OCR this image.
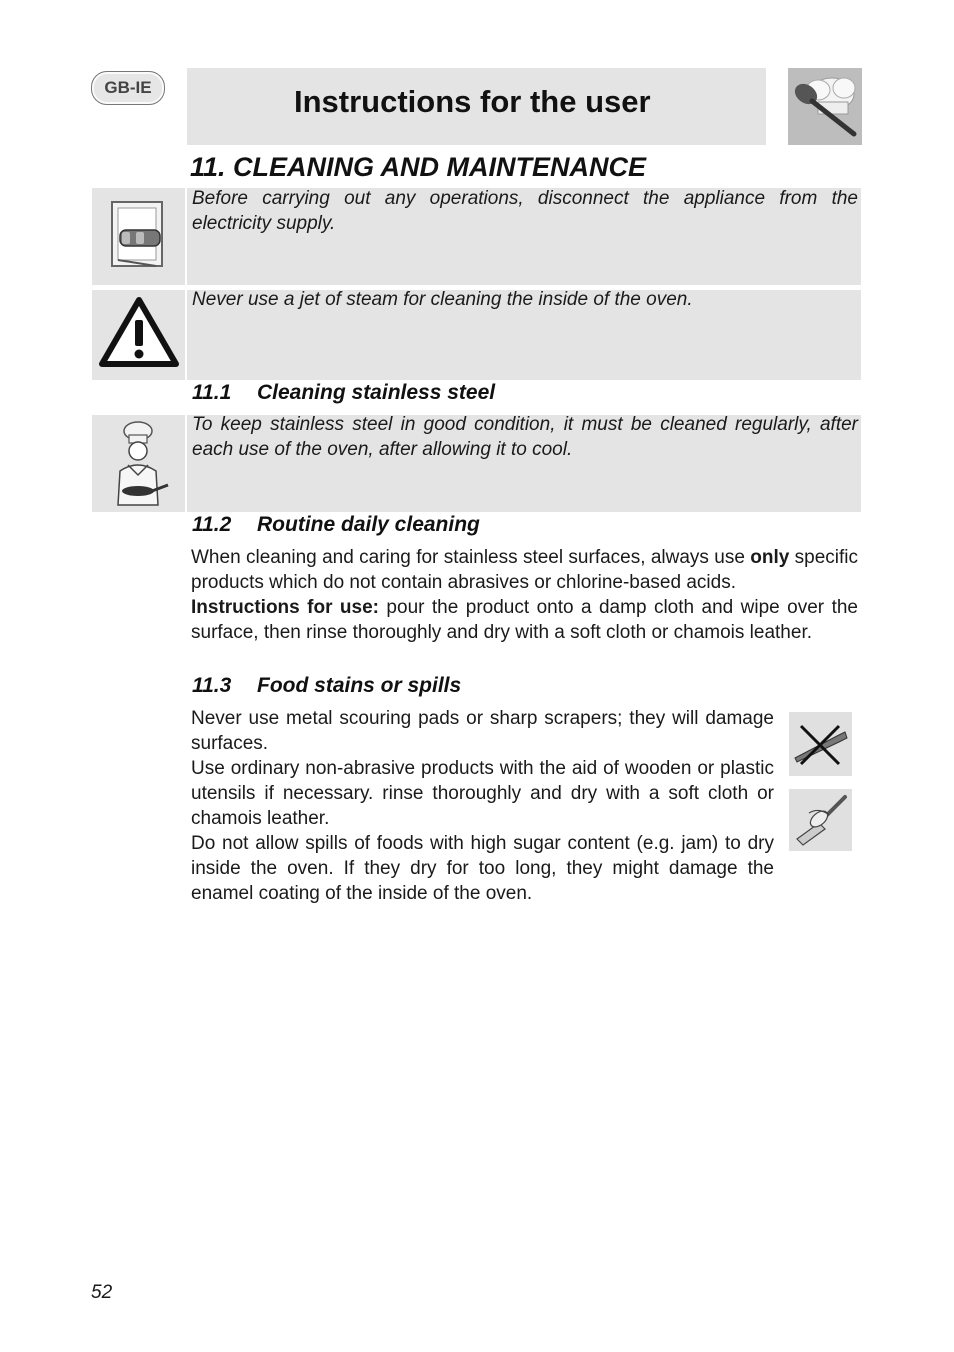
GB-IE	Instructions for the user
11. CLEANING AND MAINTENANCE
Before carrying out any operations, disconnect the appliance from the electricity supply.
Never use a jet of steam for cleaning the inside of the oven.
11.1 Cleaning stainless steel
To keep stainless steel in good condition, it must be cleaned regularly, after each use of the oven, after allowing it to cool.
11.2 Routine daily cleaning
When cleaning and caring for stainless steel surfaces, always use only specific products which do not contain abrasives or chlorine-based acids.
Instructions for use: pour the product onto a damp cloth and wipe over the surface, then rinse thoroughly and dry with a soft cloth or chamois leather.
11.3 Food stains or spills
Never use metal scouring pads or sharp scrapers; they will damage surfaces.
Use ordinary non-abrasive products with the aid of wooden or plastic utensils if necessary. rinse thoroughly and dry with a soft cloth or chamois leather.
Do not allow spills of foods with high sugar content (e.g. jam) to dry inside the oven. If they dry for too long, they might damage the enamel coating of the inside of the oven.
52
